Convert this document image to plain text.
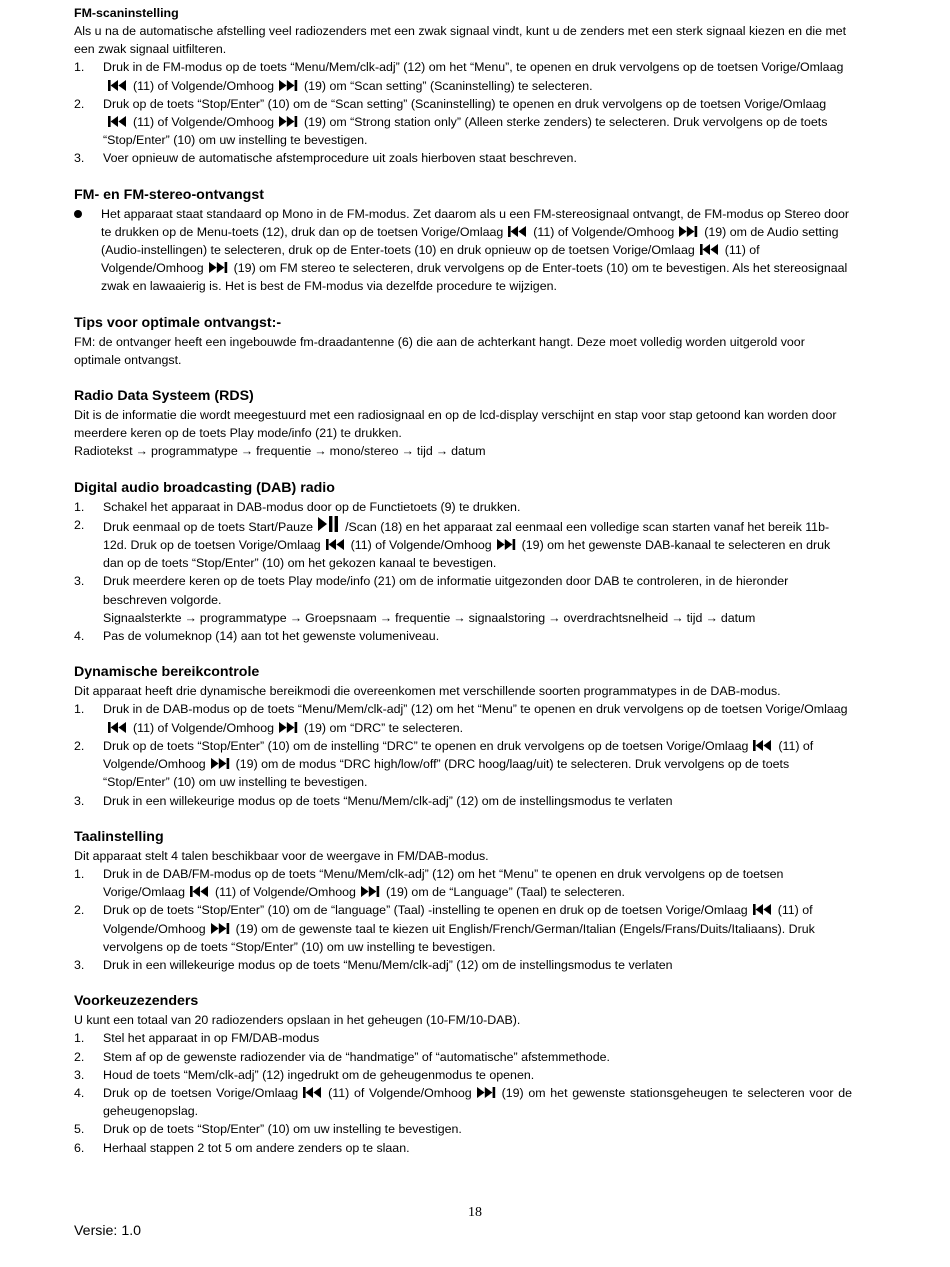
FM-scaninstelling

Als u na de automatische afstelling veel radiozenders met een zwak signaal vindt, kunt u de zenders met een sterk signaal kiezen en die met een zwak signaal uitfilteren.

1. Druk in de FM-modus op de toets “Menu/Mem/clk-adj” (12) om het “Menu”, te openen en druk vervolgens op de toetsen Vorige/Omlaag
(11) of Volgende/Omhoog (19) om “Scan setting” (Scaninstelling) te selecteren.
2. Druk op de toets “Stop/Enter” (10) om de “Scan setting” (Scaninstelling) te openen en druk vervolgens op de toetsen Vorige/Omlaag
(11) of Volgende/Omhoog (19) om “Strong station only” (Alleen sterke zenders) te selecteren. Druk vervolgens op de toets “Stop/Enter” (10) om uw instelling te bevestigen.
3. Voer opnieuw de automatische afstemprocedure uit zoals hierboven staat beschreven.
FM- en FM-stereo-ontvangst
Het apparaat staat standaard op Mono in de FM-modus. Zet daarom als u een FM-stereosignaal ontvangt, de FM-modus op Stereo door te drukken op de Menu-toets (12), druk dan op de toetsen Vorige/Omlaag (11) of Volgende/Omhoog (19) om de Audio setting (Audio-instellingen) te selecteren, druk op de Enter-toets (10) en druk opnieuw op de toetsen Vorige/Omlaag (11) of Volgende/Omhoog (19) om FM stereo te selecteren, druk vervolgens op de Enter-toets (10) om te bevestigen. Als het stereosignaal zwak en lawaaierig is. Het is best de FM-modus via dezelfde procedure te wijzigen.
Tips voor optimale ontvangst:-

FM: de ontvanger heeft een ingebouwde fm-draadantenne (6) die aan de achterkant hangt. Deze moet volledig worden uitgerold voor optimale ontvangst.

Radio Data Systeem (RDS)

Dit is de informatie die wordt meegestuurd met een radiosignaal en op de lcd-display verschijnt en stap voor stap getoond kan worden door meerdere keren op de toets Play mode/info (21) te drukken.

Radiotekst → programmatype → frequentie → mono/stereo → tijd → datum

Digital audio broadcasting (DAB) radio
1. Schakel het apparaat in DAB-modus door op de Functietoets (9) te drukken.
2. Druk eenmaal op de toets Start/Pauze	/Scan (18) en het apparaat zal eenmaal een volledige scan starten vanaf het bereik 11b-12d. Druk op de toetsen Vorige/Omlaag (11) of Volgende/Omhoog (19) om het gewenste DAB-kanaal te selecteren en druk dan op de toets “Stop/Enter” (10) om het gekozen kanaal te bevestigen.
3. Druk meerdere keren op de toets Play mode/info (21) om de informatie uitgezonden door DAB te controleren, in de hieronder beschreven volgorde.
Signaalsterkte → programmatype → Groepsnaam → frequentie → signaalstoring → overdrachtsnelheid → tijd → datum
4. Pas de volumeknop (14) aan tot het gewenste volumeniveau.
Dynamische bereikcontrole

Dit apparaat heeft drie dynamische bereikmodi die overeenkomen met verschillende soorten programmatypes in de DAB-modus.

1. Druk in de DAB-modus op de toets “Menu/Mem/clk-adj” (12) om het “Menu” te openen en druk vervolgens op de toetsen Vorige/Omlaag
(11) of Volgende/Omhoog (19) om “DRC” te selecteren.
2. Druk op de toets “Stop/Enter” (10) om de instelling “DRC” te openen en druk vervolgens op de toetsen Vorige/Omlaag (11) of Volgende/Omhoog (19) om de modus “DRC high/low/off” (DRC hoog/laag/uit) te selecteren. Druk vervolgens op de toets “Stop/Enter” (10) om uw instelling te bevestigen.
3. Druk in een willekeurige modus op de toets “Menu/Mem/clk-adj” (12) om de instellingsmodus te verlaten
Taalinstelling

Dit apparaat stelt 4 talen beschikbaar voor de weergave in FM/DAB-modus.

1. Druk in de DAB/FM-modus op de toets “Menu/Mem/clk-adj” (12) om het “Menu” te openen en druk vervolgens op de toetsen Vorige/Omlaag (11) of Volgende/Omhoog (19) om de “Language” (Taal) te selecteren.
2. Druk op de toets “Stop/Enter” (10) om de “language” (Taal) -instelling te openen en druk op de toetsen Vorige/Omlaag (11) of Volgende/Omhoog (19) om de gewenste taal te kiezen uit English/French/German/Italian (Engels/Frans/Duits/Italiaans). Druk vervolgens op de toets “Stop/Enter” (10) om uw instelling te bevestigen.
3. Druk in een willekeurige modus op de toets “Menu/Mem/clk-adj” (12) om de instellingsmodus te verlaten
Voorkeuzezenders

U kunt een totaal van 20 radiozenders opslaan in het geheugen (10-FM/10-DAB).

1. Stel het apparaat in op FM/DAB-modus
2. Stem af op de gewenste radiozender via de “handmatige” of “automatische” afstemmethode.
3. Houd de toets “Mem/clk-adj” (12) ingedrukt om de geheugenmodus te openen.
4. Druk op de toetsen Vorige/Omlaag (11) of Volgende/Omhoog (19) om het gewenste stationsgeheugen te selecteren voor de geheugenopslag.
5. Druk op de toets “Stop/Enter” (10) om uw instelling te bevestigen.
6. Herhaal stappen 2 tot 5 om andere zenders op te slaan.
18
Versie: 1.0
